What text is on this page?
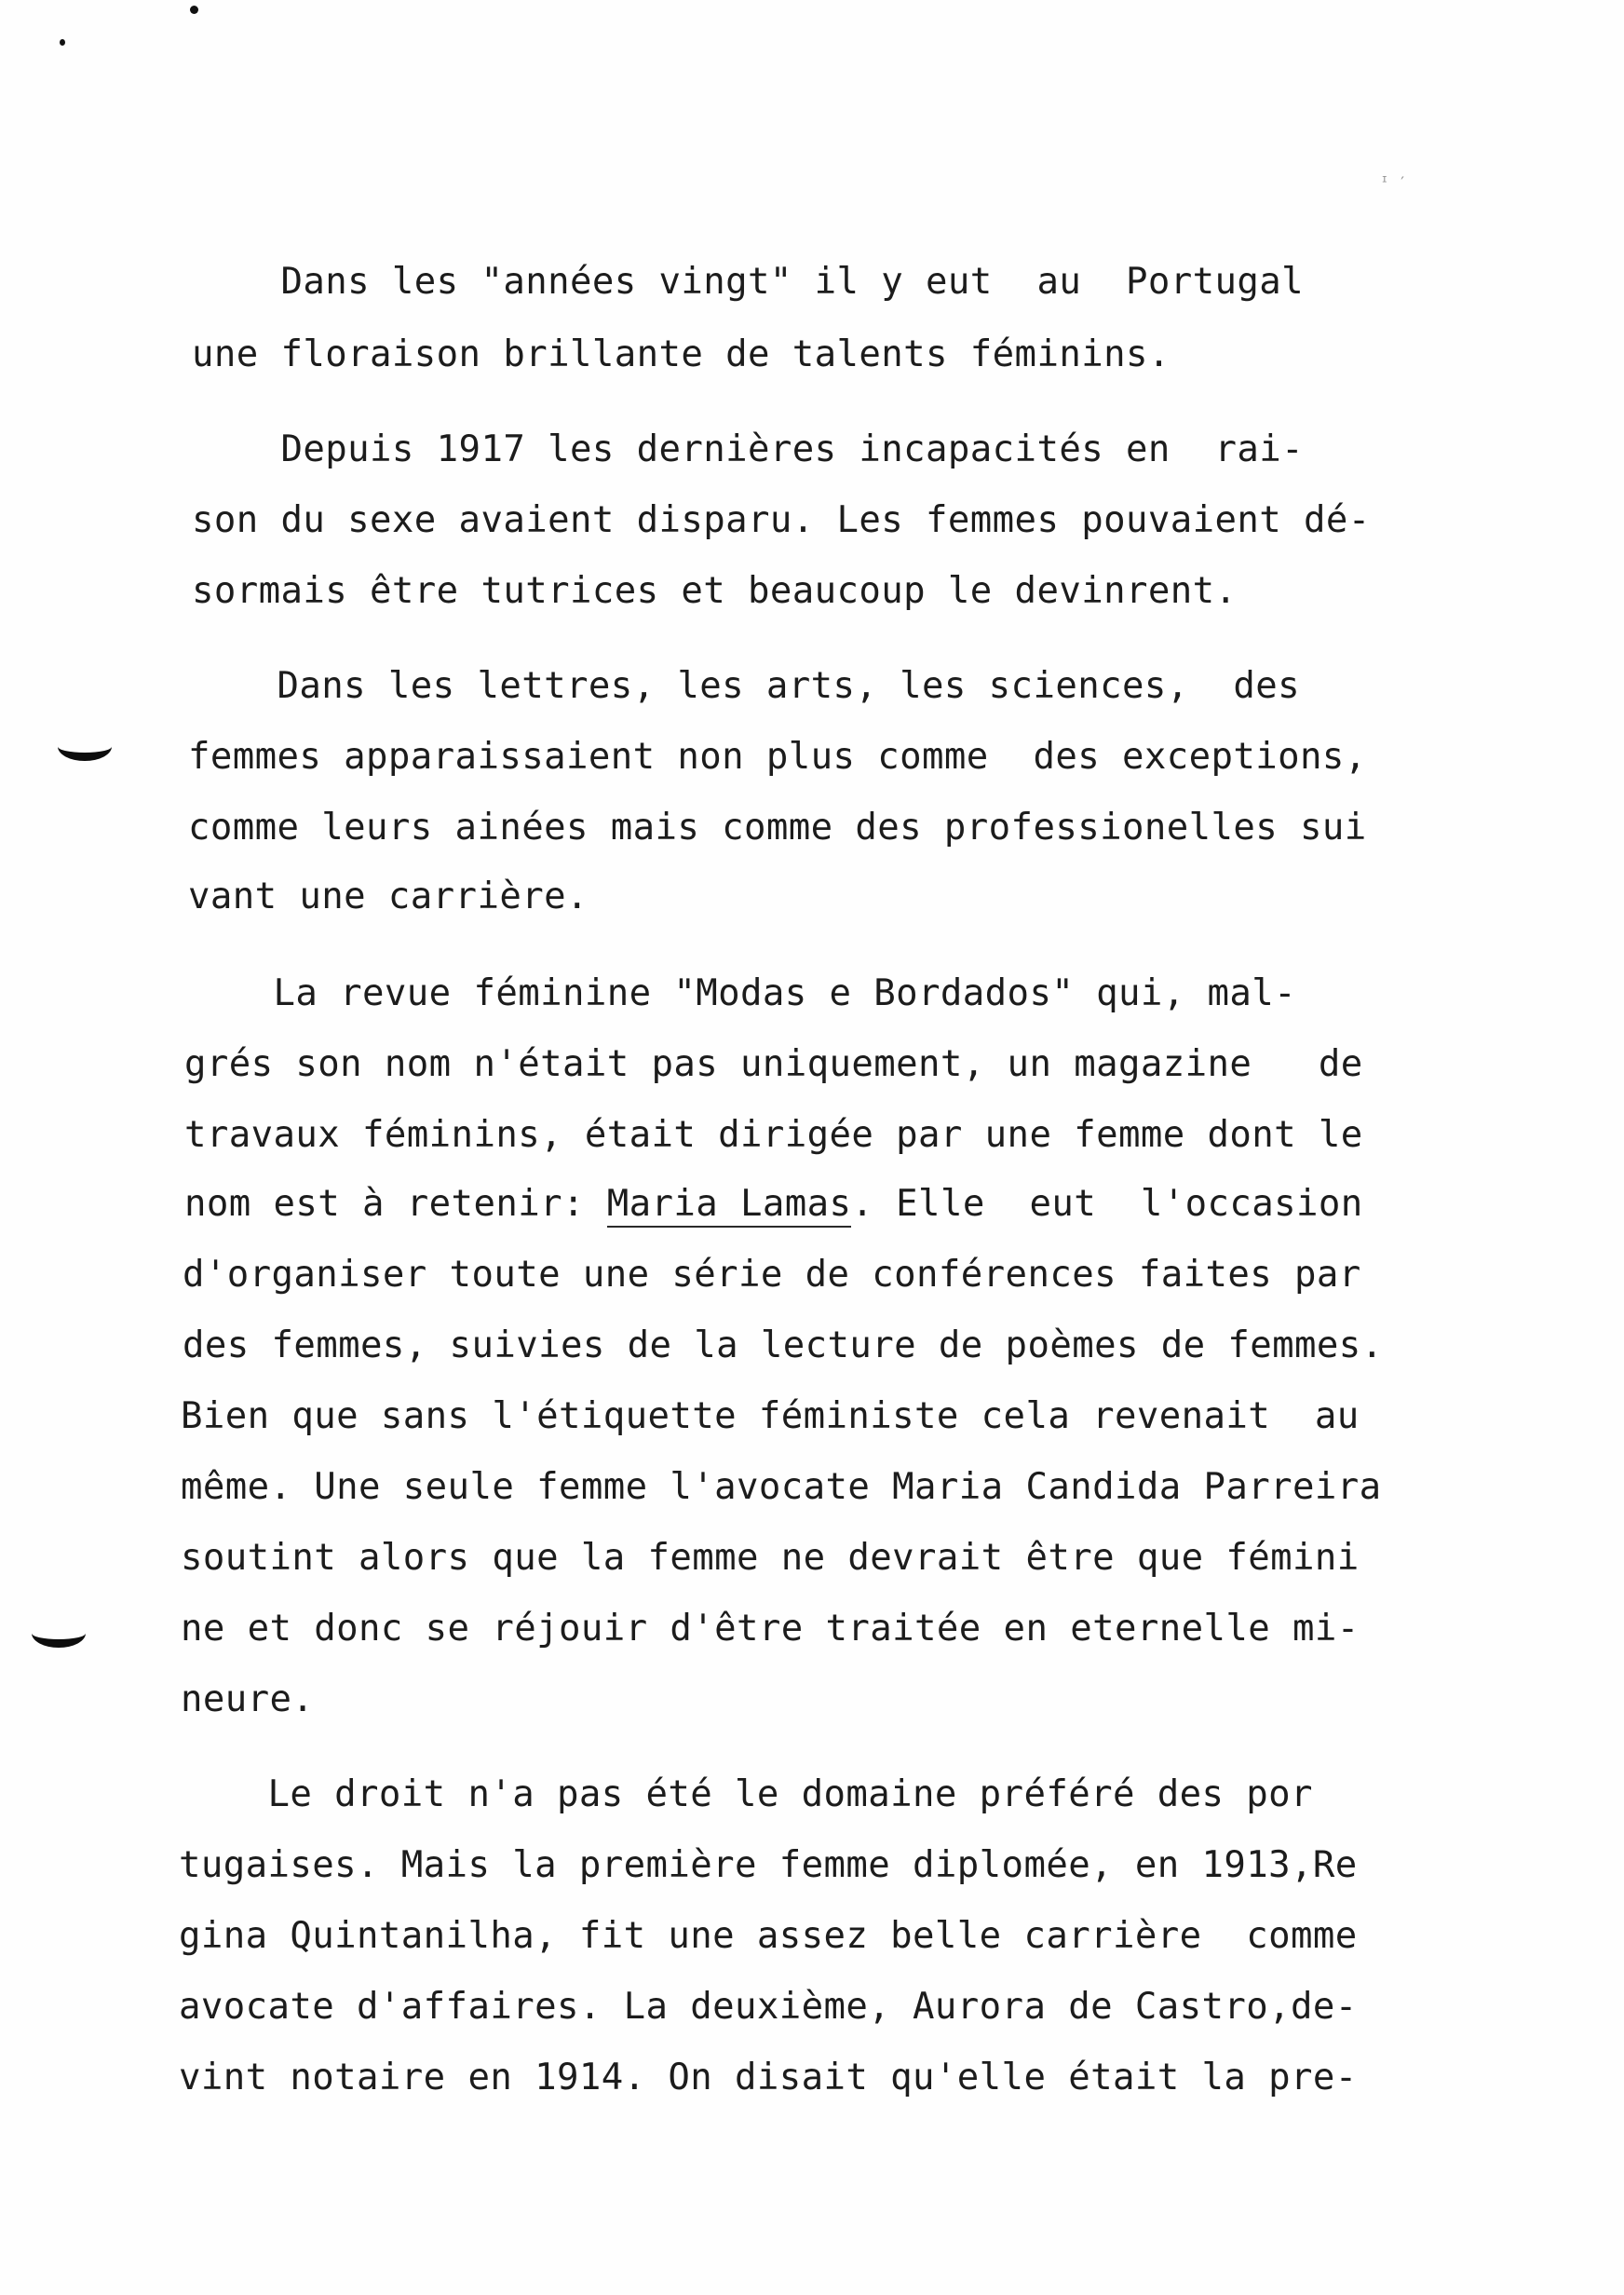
ᴵ ′
Dans les "années vingt" il y eut  au  Portugal
une floraison brillante de talents féminins.
Depuis 1917 les dernières incapacités en  rai-
son du sexe avaient disparu. Les femmes pouvaient dé-
sormais être tutrices et beaucoup le devinrent.
Dans les lettres, les arts, les sciences,  des
femmes apparaissaient non plus comme  des exceptions,
comme leurs ainées mais comme des professionelles sui
vant une carrière.
La revue féminine "Modas e Bordados" qui, mal-
grés son nom n'était pas uniquement, un magazine   de
travaux féminins, était dirigée par une femme dont le
nom est à retenir: Maria Lamas. Elle  eut  l'occasion
d'organiser toute une série de conférences faites par
des femmes, suivies de la lecture de poèmes de femmes.
Bien que sans l'étiquette féministe cela revenait  au
même. Une seule femme l'avocate Maria Candida Parreira
soutint alors que la femme ne devrait être que fémini
ne et donc se réjouir d'être traitée en eternelle mi-
neure.
Le droit n'a pas été le domaine préféré des por
tugaises. Mais la première femme diplomée, en 1913,Re
gina Quintanilha, fit une assez belle carrière  comme
avocate d'affaires. La deuxième, Aurora de Castro,de-
vint notaire en 1914. On disait qu'elle était la pre-
